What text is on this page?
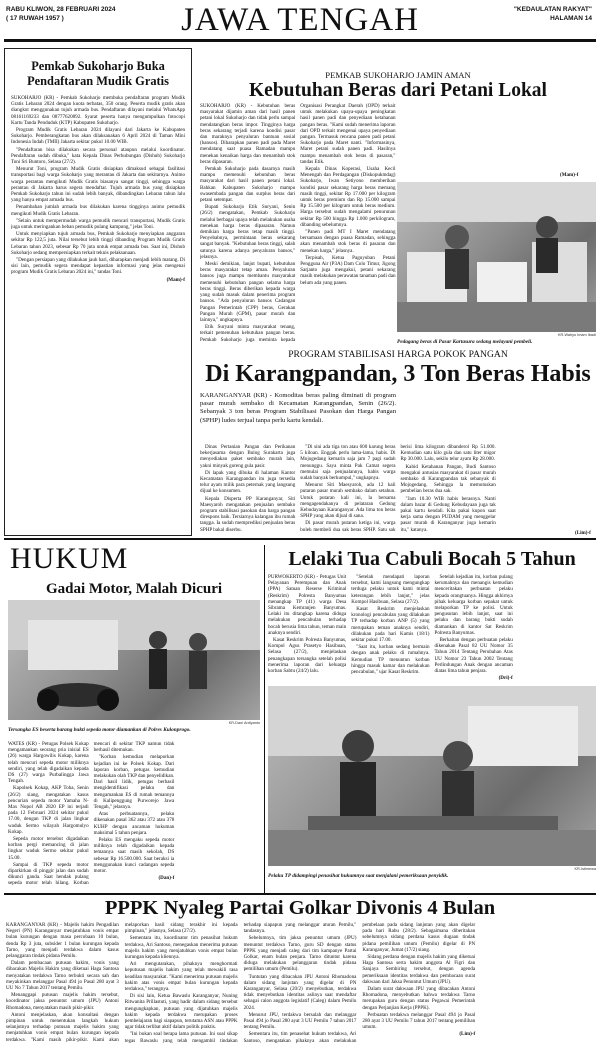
RABU KLIWON, 28 FEBRUARI 2024
( 17 RUWAH 1957 )	JAWA TENGAH	"KEDAULATAN RAKYAT"
HALAMAN 14
Pemkab Sukoharjo Buka Pendaftaran Mudik Gratis

SUKOHARJO (KR) - Pemkab Sukoharjo membuka pendaftaran program Mudik Gratis Lebaran 2024 dengan kuota terbatas, 350 orang. Peserta mudik gratis akan diangkut menggunakan tujuh armada bus. Pendaftaran dilayani melalui WhatsApp 08161169233 dan 08777620892. Syarat peserta hanya mengumpulkan fotocopi Kartu Tanda Penduduk (KTP) Kabupaten Sukoharjo.

Program Mudik Gratis Lebaran 2024 dilayani dari Jakarta ke Kabupaten Sukoharjo. Pemberangkatan bus akan dilaksanakan 6 April 2024 di Taman Mini Indonesia Indah (TMII) Jakarta sekitar pukul 10.00 WIB.

"Pendaftaran bisa dilakukan secara personal ataupun melalui koordinator. Pendaftaran sudah dibuka," kata Kepala Dinas Perhubungan (Dishub) Sukoharjo Toni Sri Buntoro, Selasa (27/2).

Menurut Toni, program Mudik Gratis disiapkan dimaksud sebagai fasilitasi transportasi bagi warga Sukoharjo yang merantau di Jakarta dan sekitarnya. Animo warga perantau mengikuti Mudik Gratis biasanya sangat tinggi, sehingga warga perantau di Jakarta harus segera mendaftar. Tujuh armada bus yang disiapkan Pemkab Sukoharjo tahun ini sudah lebih banyak, dibandingkan Lebaran tahun lalu yang hanya empat armada bus.

Penambahan jumlah armada bus dilakukan karena tingginya animo pemudik mengikuti Mudik Gratis Lebaran.

"Selain untuk mempermudah warga pemudik mencari transportasi, Mudik Gratis juga untuk meringankan beban pemudik pulang kampung," jelas Toni.

Untuk menyiapkan tujuh armada bus, Pemkab Sukoharjo menyiapkan anggaran sekitar Rp 122,5 juta. Nilai tersebut lebih tinggi dibanding Program Mudik Gratis Lebaran tahun 2023, sebesar Rp 70 juta untuk empat armada bus. Saat ini, Dishub Sukoharjo sedang mempersiapkan terkait teknis pelaksanaan.

"Dengan persiapan yang dilakukan jauh hari, diharapkan menjadi lebih matang. Di sisi lain, pemudik segera mendapat kepastian informasi yang jelas mengenai program Mudik Gratis Lebaran 2024 ini," tandas Toni.

(Mam)-f
PEMKAB SUKOHARJO JAMIN AMAN
Kebutuhan Beras dari Petani Lokal

SUKOHARJO (KR) - Kebutuhan beras masyarakat dijamin aman dari hasil panen petani lokal Sukoharjo dan tidak perlu sampai mendatangkan beras impor. Tingginya harga beras sekarang terjadi karena kondisi pasar dan maraknya penyaluran bantuan sosial (bansos). Diharapkan panen padi pada Maret mendatang saat puasa Ramadan mampu menekan kenaikan harga dan menambah stok beras dipasaran.

Pemkab Sukoharjo pada dasarnya masih mampu memenuhi kebutuhan beras masyarakat dari hasil panen petani lokal. Bahkan Kabupaten Sukoharjo mampu swasembada pangan dan surplus beras dari petani setempat.

Bupati Sukoharjo Etik Suryani, Senin (26/2) mengatakan, Pemkab Sukoharjo melalui berbagai upaya telah melakukan usaha menekan harga beras dipasaran. Namun demikian harga beras tetap masih tinggi. Penyebabnya, permintaan beras sekarang sangat banyak. "Kebutuhan beras tinggi, salah satunya karena adanya penyaluran bansos," jelasnya.

Meski demikian, lanjut bupati, kebutuhan beras masyarakat tetap aman. Penyaluran bansos juga mampu membantu masyarakat memenuhi kebutuhan pangan selama harga beras tinggi. Beras diberikan kepada warga yang sudah masuk dalam penerima program bansos. "Ada penyaluran bansos Cadangan Pangan Pemerintah (CPP) beras, Gerakan Pangan Murah (GPM), pasar murah dan lainnya," ungkapnya.

Etik Suryani minta masyarakat tenang, terkait pemenuhan kebutuhan pangan beras. Pemkab Sukoharjo juga meminta kepada Organisasi Perangkat Daerah (OPD) terkait untuk melakukan upaya-upaya peningkatan hasil panen padi dan penyediaan ketahanan pangan beras. "Kami sudah menerima laporan dari OPD terkait mengenai upaya penyediaan pangan. Termasuk rencana panen padi petani Sukoharjo pada Maret nanti. "Informasinya, Maret petani sudah panen padi. Hasilnya mampu menambah stok beras di pasaran," tandas Etik.

Kepala Dinas Koperasi, Usaha Kecil Menengah dan Perdagangan (Diskopukmdag) Sukoharjo, Iwan Setiyono memberikan kondisi pasar sekarang harga beras memang masih tinggi, sekitar Rp 17.000 per kilogram untuk beras premium dan Rp 15.000 sampai Rp 15.500 per kilogram untuk beras medium. Harga tersebut sudah mengalami penurunan sekitar Rp 500 hingga Rp 1.000 perkilogram, dibanding sebelumnya.

"Panen padi MT I Maret mendatang bersamaan dengan puasa Ramadan, sehingga akan menambah stok beras di pasaran dan menekan harga," jelasnya.

Terpisah, Ketua Paguyuban Petani Pengguna Air (P3A) Dam Colo Timur, Jigong Sarjanto juga mengakui, petani sekarang masih melakukan perawatan tanaman padi dan belum ada yang panen.

KR-Wahyu Imam Ibadi
Pedagang beras di Pasar Kartasura sedang melayani pembeli.
(Mam)-f
PROGRAM STABILISASI HARGA POKOK PANGAN
Di Karangpandan, 3 Ton Beras Habis
KARANGANYAR (KR) - Komoditas beras paling diminati di program pasar murah sembako di Kecamatan Karangpandan, Senin (26/2). Sebanyak 3 ton beras Program Stabilisasi Pasokan dan Harga Pangan (SPHP) ludes terjual tanpa perlu kartu kendali.

Dinas Pertanian Pangan dan Perikanan bekerjasama dengan Bulog Surakarta juga menyediakan paket sembako murah lain, yakni minyak goreng gula pasir.

Di lapak yang dibuka di halaman Kantor Kecamatan Karangpandan itu juga tersedia telur ayam milik para peternak yang langsung dijual ke konsumen.

Kepala Disperta PP Karanganyar, Siti Maesyaroh mengatakan penjualan sembako program stabilisasi pasokan dan harga pangan direspons baik. Tersiarnya kalangan ibu rumah tangga. Ia sudah memprediksi penjualan beras SPHP bakal diserbu.

"Di sini ada tiga ton atau 600 karung beras 5 kiloan. Enggak perlu lama-lama, habis. Di Mojogedang kemarin saja jam 7 pagi sudah menunggu. Saya minta Pak Camat segera memulai saja penjualannya, habis warga sudah banyak berkumpul," ungkapnya.

Menurut Siti Maesyaroh, ada 12 kali putaran pasar murah sembako dalam setahun. Untuk putaran kali ini, la bersama mengagendakanya di pelataran Gedung Kebudayaan Karanganyar. Ada lima ton beras SPHP yang akan dijual di sana.

Di pasar murah putaran ketiga ini, warga boleh membeli dua sak beras SPHP. Satu sak berisi lima kilogram dibanderol Rp 51.000. Kemudian satu kilo gula dan satu liter migor Rp 30.000. Lalu, sekilo telur ayam Rp 28.000.

Kabid Ketahanan Pangan, Budi Santoso mengakui antusias masyarakat di pasar murah sembako di Karangpandan tak sebanyak di Mojogedang. Sehingga la memutuskan pembelian beras dua sak.

"Jam 10.30 WIB habis berasnya. Nanti dalam bazar di Gedung Kebudayaan juga tak pakai kartu kendali. Kita pakai kupon saat kerja sama dengan PUDAM yang menggelar pasar murah di Karanganyar juga kemarin itu," katanya.

(Lim)-f
HUKUM
Gadai Motor, Malah Dicuri
KR-Dani Ardiyanto
Tersangka ES beserta barang bukti sepeda motor diamankan di Polres Kulonprogo.

WATES (KR) - Petugas Polsek Kokap mengamankan seorang pria inisial ES (26) warga Hargowilis Kokap, karena telah mencuri sepeda motor miliknya sendiri, yang telah digadaikan kepada DS (27) warga Purbalingga Jawa Tengah.

Kapolsek Kokap, AKP Toha, Senin (26/2) siang, mengatakan kasus pencurian sepeda motor Yamaha N-Max Nopol AB 2820 EP ini terjadi pada 12 Februari 2024 sekitar pukul 17.00, dengan TKP di jalan lingkar waduk Sermo wilayah Hargomulyo Kokap.

Sepeda motor tersebut digadaikan korban pergi memancing di jalan lingkar waduk Sermo sekitar pukul 15.00.

Sampai di TKP sepeda motor diparkirkan di pinggir jalan dan sudah dikunci ganda. Saat hendak pulang sepeda motor telah hilang. Korban mencari di sekitar TKP namun tidak berhasil ditemukan.

"Korban kemudian melaporkan kejadian ini ke Polsek Kokap. Dari laporan korban, petugas kemudian melakukan olah TKP dan penyelidikan. Dari hasil lidik, petugas berhasil mengidentifikasi pelaku dan mengamankan ES di rumah temannya di Kalipenggung Purworejo Jawa Tengah," jelasnya.

Atas perbuatannya, pelaku dikenakan pasal 362 atau 372 atau 378 KUHP dengan ancaman hukuman maksimal 5 tahun penjara.

Pelaku ES mengaku sepeda motor miliknya telah digadaikan kepada temannya saat masih sekolah, DS sebesar Rp 16.500.000. Saat beraksi ia menggunakan kunci cadangan sepeda motor.

(Dan)-f
Lelaki Tua Cabuli Bocah 5 Tahun

PURWOKERTO (KR) - Petugas Unit Pelayanan Perempuan dan Anak (PPA) Satuan Reserse Kriminal (Reskrim) Polresta Banyumas menangkap TP (41) warga Desa Sibrama Kemranjen Banyumas. Lelaki itu ditangkap karena diduga melakukan pencabulan terhadap bocah berusia lima tahun, teman main anaknya sendiri.

Kasat Reskrim Polresta Banyumas, Kompol Agus Prasetyo Hasibuan, Selasa (27/2), menjelaskan penangkapan tersangka setelah polisi menerima laporan dari keluarga korban Sabtu (24/2) lalu.

"Setelah mendapati laporan tersebut, kami langsung mengungkap terduga pelaku untuk kami mintai keterangan lebih lanjut," jelas Kompol Hasibuan, Selasa (27/2).

Kasat Reskrim menjelaskan kronologi pencabulan yang dilakukan TP terhadap korban ANP (5) yang merupakan teman anaknya sendiri, dilakukan pada hari Kamis (18/1) sekitar pukul 17.00.

"Saat itu, korban sedang bermain dengan anak pelaku di rumahnya. Kemudian TP menuntun korban hingga masuk kamar dan melakukan pencabulan," ujar Kasat Reskrim.

Setelah kejadian itu, korban pulang kerumahnya dan menangis kemudian menceritakan perbuatan pelaku kepada orangtuanya. Hingga akhirnya pihak keluarga korban sepakat untuk melaporkan TP ke polisi. Untuk pengusutan lebih lanjut, saat ini pelaku dan barang bukti sudah diamankan di kantor Sat Reskrim Polresta Banyumas.

Berkaitan dengan perbuatan pelaku dikenakan Pasal 82 UU Nomor 35 Tahun 2014 Tentang Perubahan Atas UU Nomor 23 Tahun 2002 Tentang Perlindungan Anak dengan ancaman diatas lima tahun penjara.

(Dri)-f
KR-Istimewa
Pelaku TP didampingi penasihat hukumnya saat menjalani pemeriksaan penyidik.
PPPK Nyaleg Partai Golkar Divonis 4 Bulan

KARANGANYAR (KR) - Majelis hakim Pengadilan Negeri (PN) Karanganyar menjatuhkan vonis empat bulan kurungan dengan masa percobaan 10 bulan, denda Rp 3 juta, subsider 1 bulan kurungan kepada Tarno, yang menjadi terdakwa dalam kasus pelanggaran tindak pidana Pemilu.

Dalam pembacaan putusan hakim, vonis yang dibacakan Majelis Hakim yang diketuai Haga Santosa menyatakan terdakwa Tarno terbukti secara sah dan meyakinkan melanggar Pasal 494 jo Pasal 280 ayat 3 UU No 7 Tahun 2017 tentang Pemilu.

Menanggapi putusan majelis hakim tersebut, koordinator jaksa penuntut umum (JPU) Antoni Rhomadona, menyatakan masih pikir-pikir.

Antoni menjelaskan, akan konsultasi dengan pimpinan untuk menentukan langkah hukum selanjutnya terhadap putusan majelis hakim yang menjatuhkan vonis empat bulan kurungan kepada terdakwa. "Kami masih pikir-pikir. Kami akan melaporkan hasil sidang terakhir ini kepada pimpinan," jelasnya, Selasa (27/2).

Sementara itu, koordinator tim penasihat hukum terdakwa, Ari Santoso, menegaskan menerima putusan majelis hakim yang menjatuhkan vonis empat bulan kurungan kepada kliennya.

Ari mengutarakan, pihaknya menghormati keputusan majelis hakim yang telah mewakili rasa keadilan masyarakat. "Kami menerima putusan majelis hakim atas vonis empat bulan kurungan kepada terdakwa," terangnya.

Di sisi lain, Ketua Bawaslu Karanganyar, Nuning Ritwanita Prillastuti, yang hadir dalam sidang tersebut mengungkapkan, putusan yang dijatuhkan majelis hakim kepada terdakwa merupakan proses pembelajaran bagi siapapun, terutama ASN atau PPPK agar tidak terlibat aktif dalam politik praktis.

"Ini bukan soal berapa lama putusan. Ini soal sikap tegas Bawaslu yang telah mengambil tindakan terhadap siapapun yang melanggar aturan Pemilu," tandasnya.

Sebelumnya, tim jaksa penuntut umum (JPU) menuntut terdakwa Tarno, guru SD dengan status PPPK yang menjadi caleg dari tim kampanye Partai Golkar, enam bulan penjara. Tarno dituntut karena diduga melakukan pelanggaran tindak pidana pemilihan umum (Pemilu).

Tuntutan yang dibacakan JPU Antoni Rhomadona dalam sidang lanjutan yang digelar di PN Karanganyar, Selasa (20/2) menyebutkan, terdakwa tidak menyebutkan identitas aslinya saat mendaftar sebagai calon anggota legislatif (Caleg) dalam Pemilu 2024.

Menurut JPU, terdakwa bersalah dan melanggar Pasal 494 jo Pasal 280 ayat 3 UU Pemilu 7 tahun 2017 tentang Pemilu.

Sementara itu, tim penasehat hukum terdakwa, Ari Santoso, mengatakan pihaknya akan melakukan pembelaan pada sidang lanjutan yang akan digelar pada hari Rabu (28/2). Sebagaimana diberitakan sebelumnya sidang perdana kasus dugaan tindak pidana pemilihan umum (Pemilu) digelar di PN Karanganyar, Jumat (17/2) siang.

Sidang perdana dengan majelis hakim yang diketuai Haga Santosa serta hakim anggota Al Figri dan Sanjaya Sembiring tersebut, dengan agenda pemeriksaan identitas terdakwa dan pembacaan surat dakwaan dari Jaksa Penuntut Umum (JPU).

Dalam surat dakwaan JPU yang dibacakan Antoni Rhomadona, menyebutkan bahwa terdakwa Tarno merupakan guru dengan status Pegawai Pemerintah dengan Perjanjian Kerja (PPPK).

Perbuatan terdakwa melanggar Pasal 494 jo Pasal 280 ayat 3 UU Pemilu 7 tahun 2017 tentang pemilihan umum.

(Lim)-f
